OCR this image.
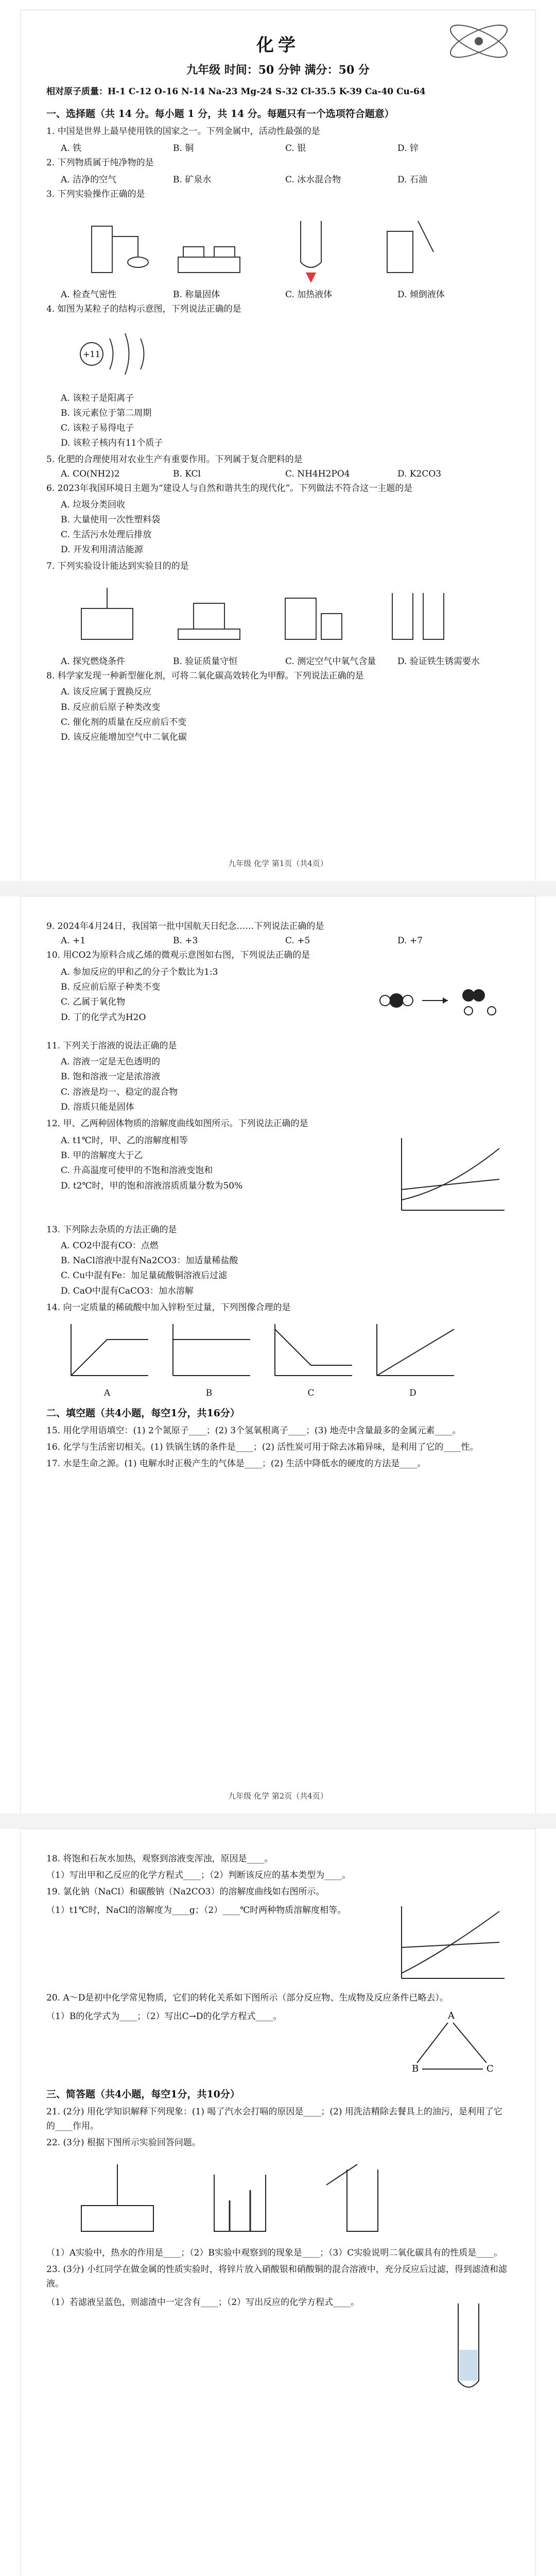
化学
九年级 时间：50 分钟 满分：50 分
相对原子质量：H-1 C-12 O-16 N-14 Na-23 Mg-24 S-32 Cl-35.5 K-39 Ca-40 Cu-64
一、选择题（共 14 分。每小题 1 分，共 14 分。每题只有一个选项符合题意）
1. 中国是世界上最早使用铁的国家之一。下列金属中，活动性最强的是
A. 铁	B. 铜	C. 银	D. 锌
2. 下列物质属于纯净物的是
A. 洁净的空气	B. 矿泉水	C. 冰水混合物	D. 石油
3. 下列实验操作正确的是
A. 检查气密性	B. 称量固体	C. 加热液体	D. 倾倒液体
4. 如图为某粒子的结构示意图，下列说法正确的是
+11
A. 该粒子是阳离子
B. 该元素位于第二周期
C. 该粒子易得电子
D. 该粒子核内有11个质子
5. 化肥的合理使用对农业生产有重要作用。下列属于复合肥料的是
A. CO(NH2)2	B. KCl	C. NH4H2PO4	D. K2CO3
6. 2023年我国环境日主题为“建设人与自然和谐共生的现代化”。下列做法不符合这一主题的是
A. 垃圾分类回收
B. 大量使用一次性塑料袋
C. 生活污水处理后排放
D. 开发利用清洁能源
7. 下列实验设计能达到实验目的的是
A. 探究燃烧条件	B. 验证质量守恒	C. 测定空气中氧气含量	D. 验证铁生锈需要水
8. 科学家发现一种新型催化剂，可将二氧化碳高效转化为甲醇。下列说法正确的是
A. 该反应属于置换反应
B. 反应前后原子种类改变
C. 催化剂的质量在反应前后不变
D. 该反应能增加空气中二氧化碳
九年级 化学 第1页（共4页）
9. 2024年4月24日，我国第一批中国航天日纪念……下列说法正确的是
A. +1	B. +3	C. +5	D. +7
10. 用CO2为原料合成乙烯的微观示意图如右图，下列说法正确的是
A. 参加反应的甲和乙的分子个数比为1:3
B. 反应前后原子种类不变
C. 乙属于氧化物
D. 丁的化学式为H2O
11. 下列关于溶液的说法正确的是
A. 溶液一定是无色透明的
B. 饱和溶液一定是浓溶液
C. 溶液是均一、稳定的混合物
D. 溶质只能是固体
12. 甲、乙两种固体物质的溶解度曲线如图所示。下列说法正确的是
A. t1℃时，甲、乙的溶解度相等
B. 甲的溶解度大于乙
C. 升高温度可使甲的不饱和溶液变饱和
D. t2℃时，甲的饱和溶液溶质质量分数为50%
13. 下列除去杂质的方法正确的是
A. CO2中混有CO：点燃
B. NaCl溶液中混有Na2CO3：加适量稀盐酸
C. Cu中混有Fe：加足量硫酸铜溶液后过滤
D. CaO中混有CaCO3：加水溶解
14. 向一定质量的稀硫酸中加入锌粉至过量，下列图像合理的是
A	B	C	D
二、填空题（共4小题，每空1分，共16分）
15. 用化学用语填空：(1) 2个氮原子____；(2) 3个氢氧根离子____；(3) 地壳中含量最多的金属元素____。
16. 化学与生活密切相关。(1) 铁锅生锈的条件是____；(2) 活性炭可用于除去冰箱异味，是利用了它的____性。
17. 水是生命之源。(1) 电解水时正极产生的气体是____；(2) 生活中降低水的硬度的方法是____。
九年级 化学 第2页（共4页）
18. 将饱和石灰水加热，观察到溶液变浑浊，原因是____。
（1）写出甲和乙反应的化学方程式____；（2）判断该反应的基本类型为____。
19. 氯化钠（NaCl）和碳酸钠（Na2CO3）的溶解度曲线如右图所示。
（1）t1℃时，NaCl的溶解度为____g；（2）____℃时两种物质溶解度相等。
20. A～D是初中化学常见物质，它们的转化关系如下图所示（部分反应物、生成物及反应条件已略去）。
（1）B的化学式为____；（2）写出C→D的化学方程式____。	A
B	C
三、简答题（共4小题，每空1分，共10分）
21. (2分) 用化学知识解释下列现象：(1) 喝了汽水会打嗝的原因是____；(2) 用洗洁精除去餐具上的油污，是利用了它的____作用。
22. (3分) 根据下图所示实验回答问题。
（1）A实验中，热水的作用是____；（2）B实验中观察到的现象是____；（3）C实验说明二氧化碳具有的性质是____。
23. (3分) 小红同学在做金属的性质实验时，将锌片放入硝酸银和硝酸铜的混合溶液中，充分反应后过滤，得到滤渣和滤液。
（1）若滤液呈蓝色，则滤渣中一定含有____；（2）写出反应的化学方程式____。
